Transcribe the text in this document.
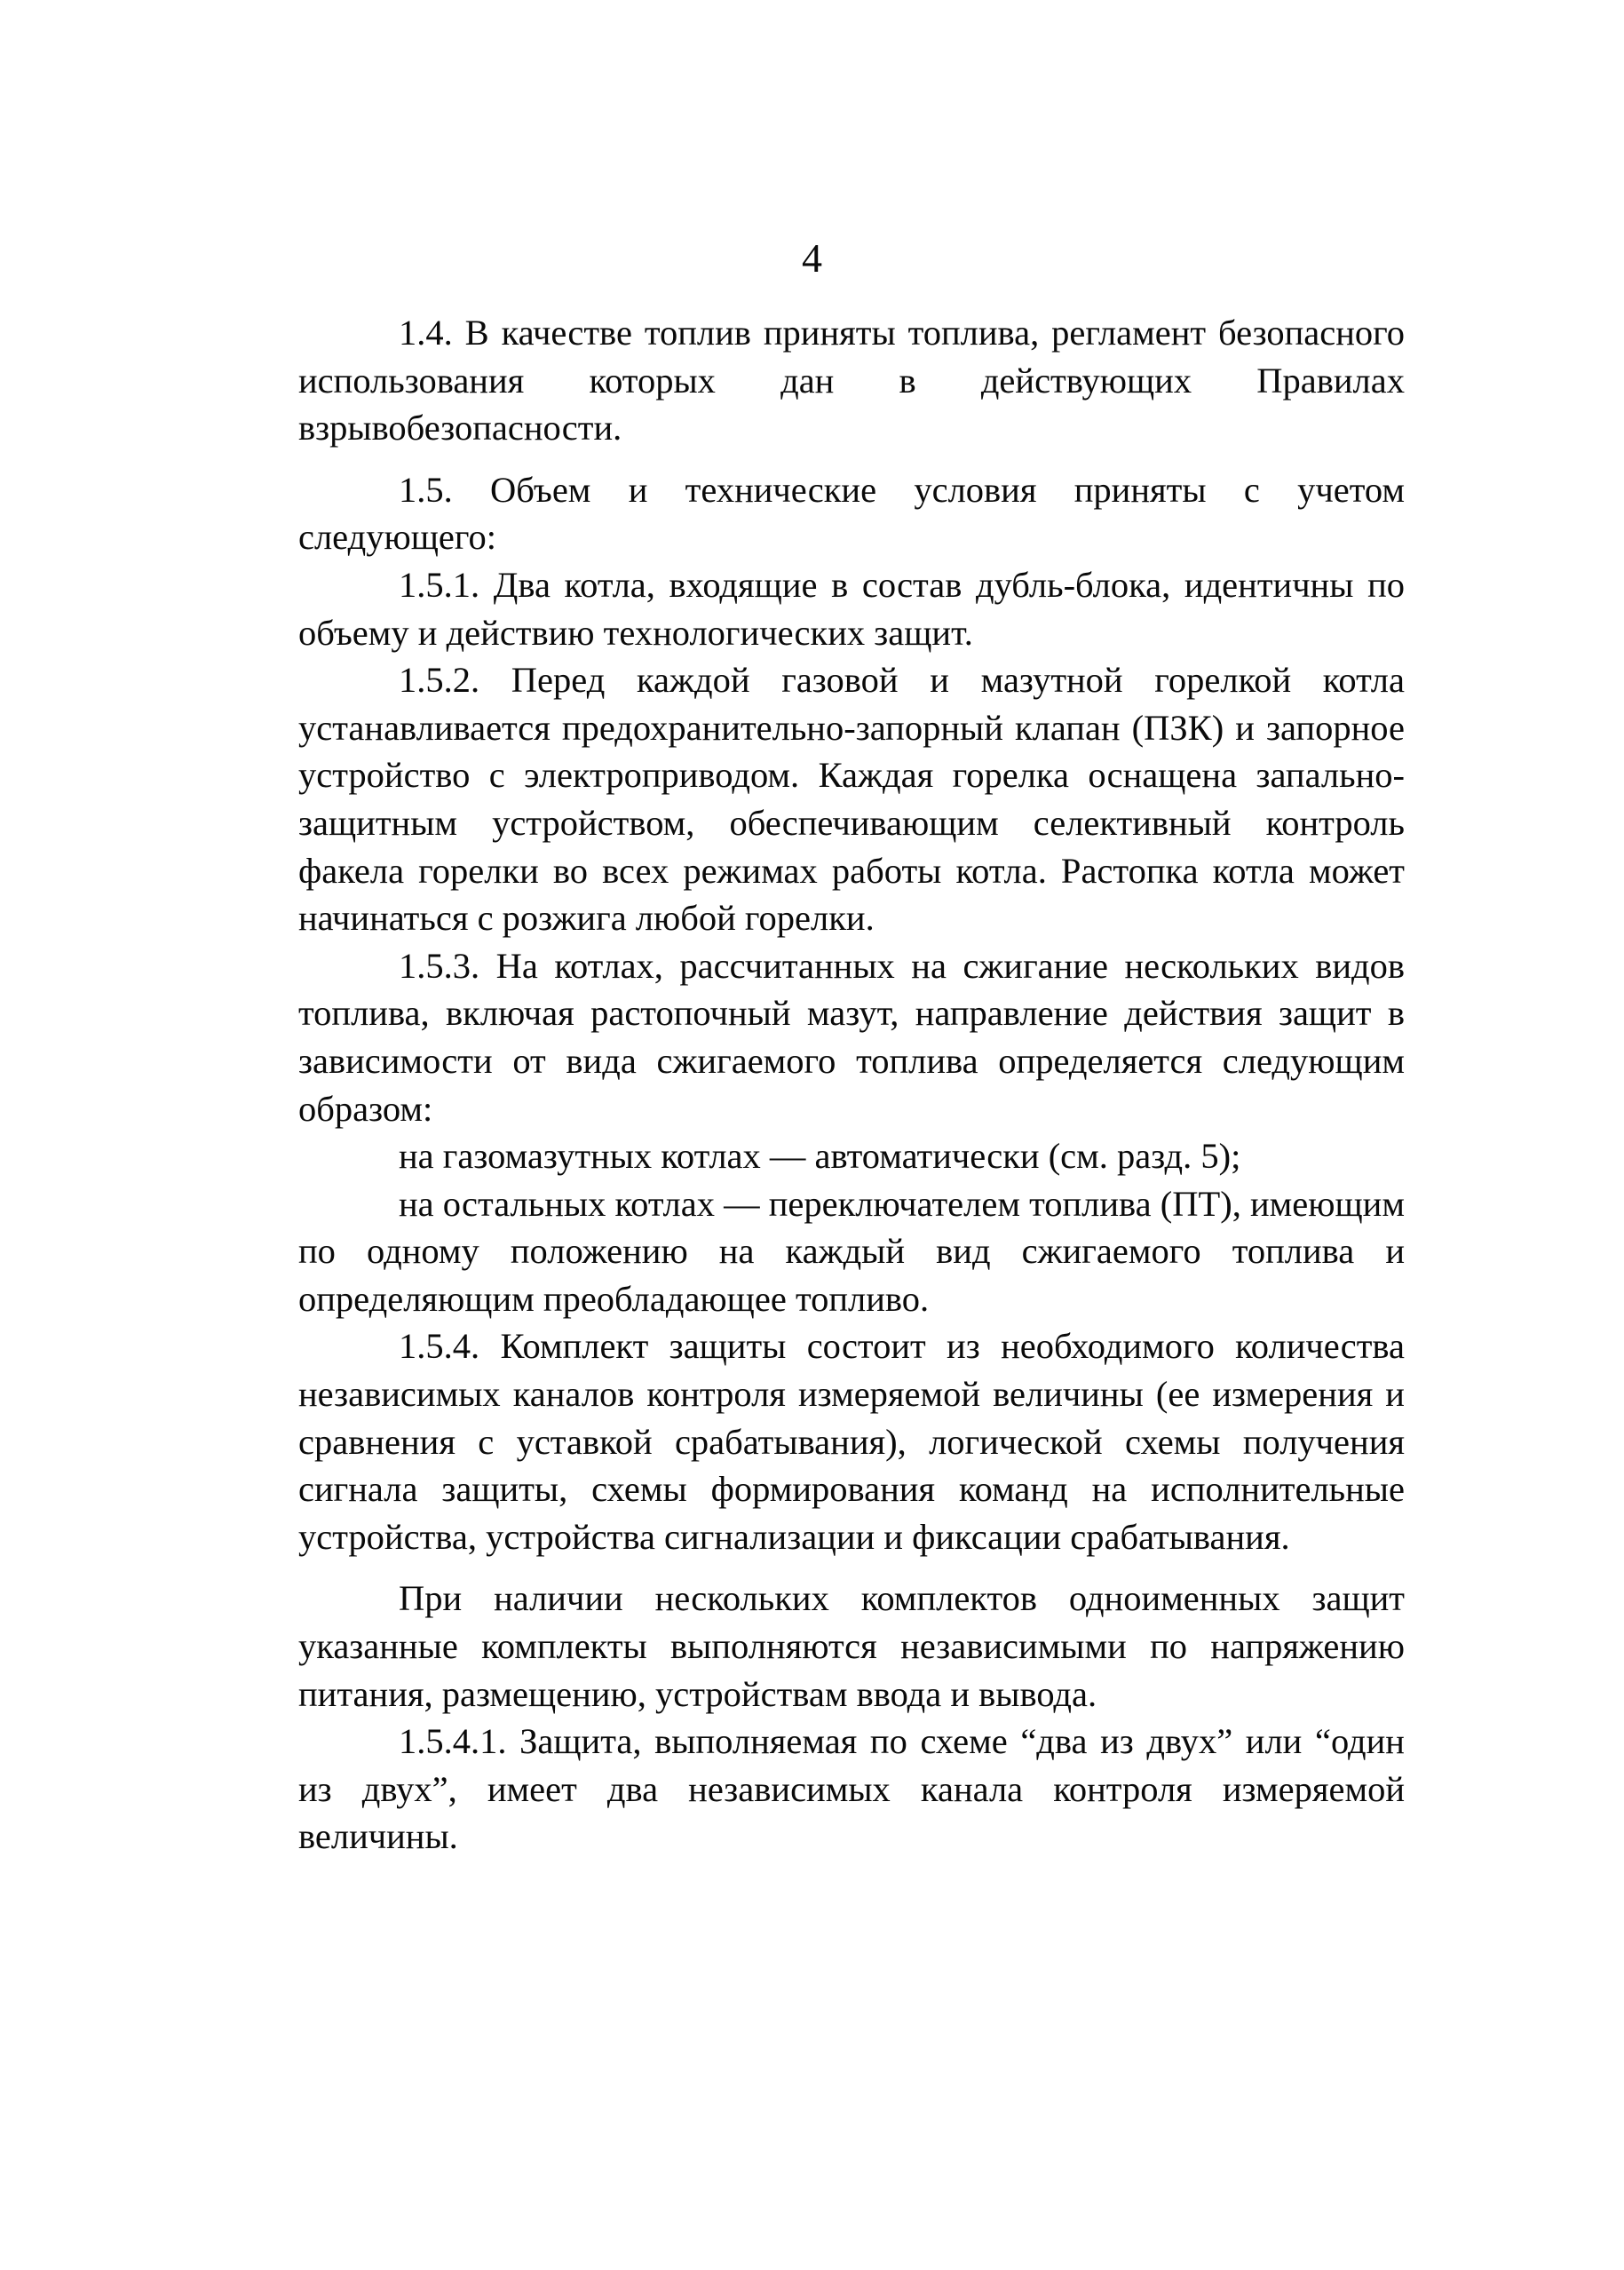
4

1.4. В качестве топлив приняты топлива, регламент безопасного использования которых дан в действующих Правилах взрывобезопасности.

1.5. Объем и технические условия приняты с учетом следующего:

1.5.1. Два котла, входящие в состав дубль-блока, идентичны по объему и действию технологических защит.

1.5.2. Перед каждой газовой и мазутной горелкой котла устанавливается предохранительно-запорный клапан (ПЗК) и запорное устройство с электроприводом. Каждая горелка оснащена запально-защитным устройством, обеспечивающим селективный контроль факела горелки во всех режимах работы котла. Растопка котла может начинаться с розжига любой горелки.

1.5.3. На котлах, рассчитанных на сжигание нескольких видов топлива, включая растопочный мазут, направление действия защит в зависимости от вида сжигаемого топлива определяется следующим образом:

на газомазутных котлах — автоматически (см. разд. 5);

на остальных котлах — переключателем топлива (ПТ), имеющим по одному положению на каждый вид сжигаемого топлива и определяющим преобладающее топливо.

1.5.4. Комплект защиты состоит из необходимого количества независимых каналов контроля измеряемой величины (ее измерения и сравнения с уставкой срабатывания), логической схемы получения сигнала защиты, схемы формирования команд на исполнительные устройства, устройства сигнализации и фиксации срабатывания.

При наличии нескольких комплектов одноименных защит указанные комплекты выполняются независимыми по напряжению питания, размещению, устройствам ввода и вывода.

1.5.4.1. Защита, выполняемая по схеме “два из двух” или “один из двух”, имеет два независимых канала контроля измеряемой величины.
